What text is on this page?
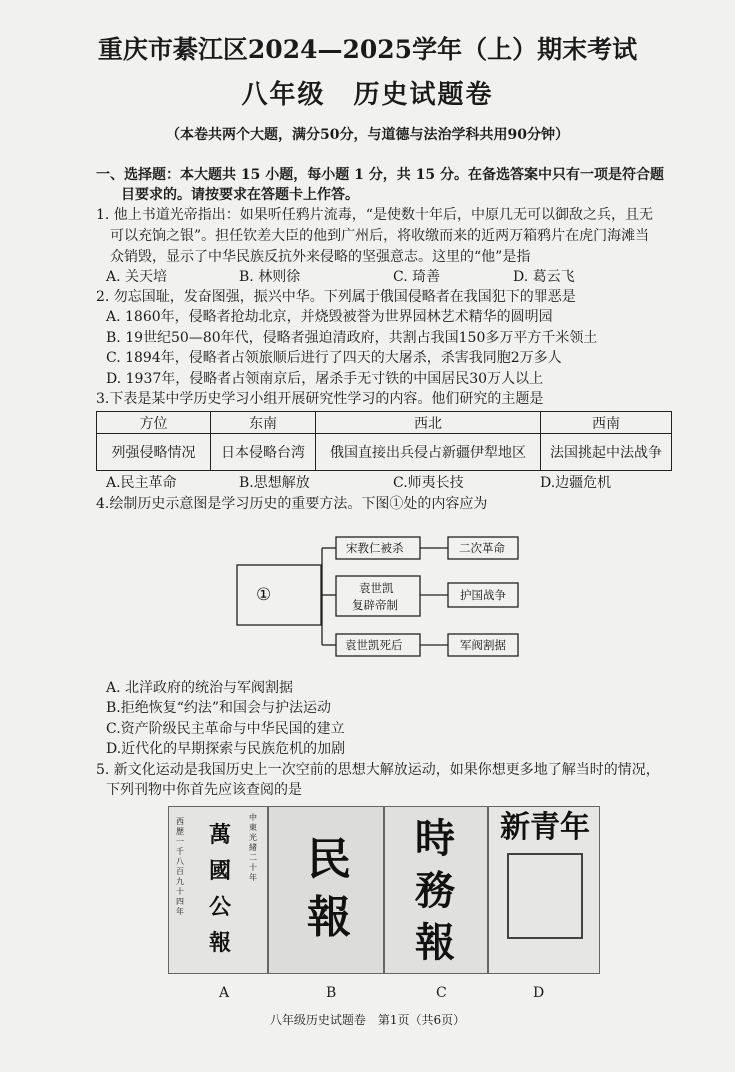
重庆市綦江区2024—2025学年（上）期末考试
八年级　历史试题卷
（本卷共两个大题，满分50分，与道德与法治学科共用90分钟）
一、选择题：本大题共 15 小题，每小题 1 分，共 15 分。在备选答案中只有一项是符合题
目要求的。请按要求在答题卡上作答。
1. 他上书道光帝指出：如果听任鸦片流毒，“是使数十年后，中原几无可以御敌之兵，且无
可以充饷之银”。担任钦差大臣的他到广州后，将收缴而来的近两万箱鸦片在虎门海滩当
众销毁，显示了中华民族反抗外来侵略的坚强意志。这里的“他”是指
A. 关天培	B. 林则徐	C. 琦善	D. 葛云飞
2. 勿忘国耻，发奋图强，振兴中华。下列属于俄国侵略者在我国犯下的罪恶是
A. 1860年，侵略者抢劫北京，并烧毁被誉为世界园林艺术精华的圆明园
B. 19世纪50—80年代，侵略者强迫清政府，共割占我国150多万平方千米领土
C. 1894年，侵略者占领旅顺后进行了四天的大屠杀，杀害我同胞2万多人
D. 1937年，侵略者占领南京后，屠杀手无寸铁的中国居民30万人以上
3.下表是某中学历史学习小组开展研究性学习的内容。他们研究的主题是
方位	东南	西北	西南
列强侵略情况	日本侵略台湾	俄国直接出兵侵占新疆伊犁地区	法国挑起中法战争
A.民主革命	B.思想解放	C.师夷长技	D.边疆危机
4.绘制历史示意图是学习历史的重要方法。下图①处的内容应为
①
宋教仁被杀
袁世凯
复辟帝制
袁世凯死后
二次革命
护国战争
军阀割据
A. 北洋政府的统治与军阀割据
B.拒绝恢复“约法”和国会与护法运动
C.资产阶级民主革命与中华民国的建立
D.近代化的早期探索与民族危机的加剧
5. 新文化运动是我国历史上一次空前的思想大解放运动，如果你想更多地了解当时的情况，
下列刊物中你首先应该查阅的是
萬國公報
西歷一千八百九十四年
中東光緒二十年 民報
時務報
新青年
A	B	C	D
八年级历史试题卷　第1页（共6页）
